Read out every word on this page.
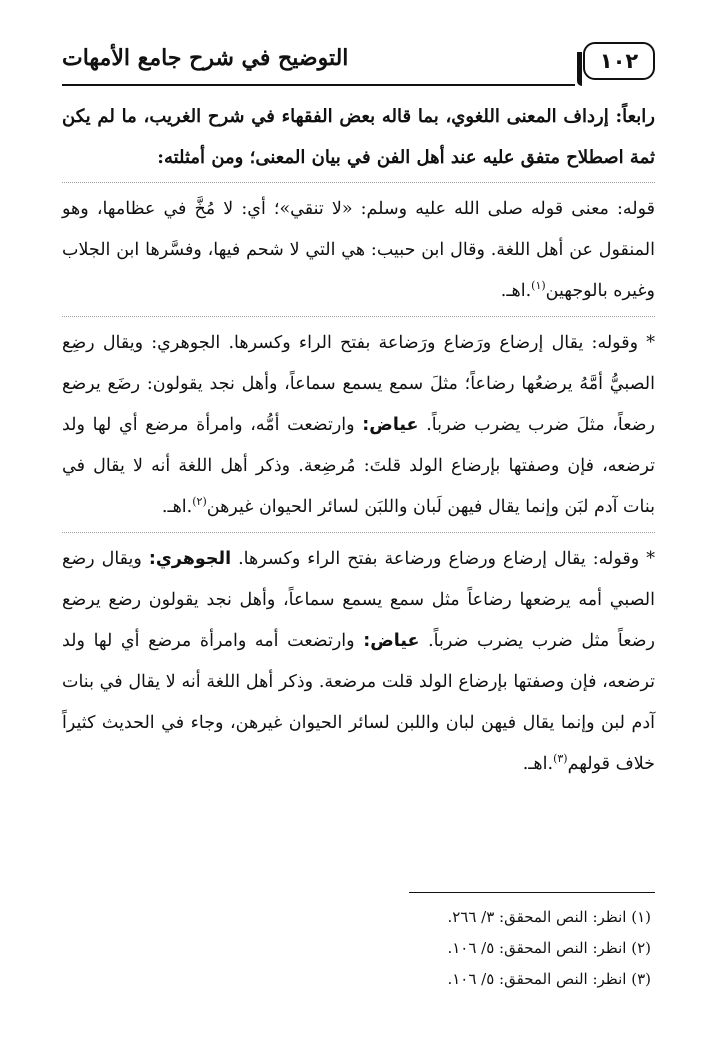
١٠٢
التوضيح في شرح جامع الأمهات

رابعاً: إرداف المعنى اللغوي، بما قاله بعض الفقهاء في شرح الغريب، ما لم يكن ثمة اصطلاح متفق عليه عند أهل الفن في بيان المعنى؛ ومن أمثلته:

قوله: معنى قوله صلى الله عليه وسلم: «لا تنقي»؛ أي: لا مُخَّ في عظامها، وهو المنقول عن أهل اللغة. وقال ابن حبيب: هي التي لا شحم فيها، وفسَّرها ابن الجلاب وغيره بالوجهين$^{(١)}$.اهـ.

* وقوله: يقال إرضاع ورَضاع ورَضاعة بفتح الراء وكسرها. الجوهري: ويقال رضِع الصبيُّ أمَّهُ يرضعُها رضاعاً؛ مثلَ سمع يسمع سماعاً، وأهل نجد يقولون: رضَع يرضع رضعاً، مثلَ ضرب يضرب ضرباً. عياض: وارتضعت أمُّه، وامرأة مرضع أي لها ولد ترضعه، فإن وصفتها بإرضاع الولد قلتَ: مُرضِعة. وذكر أهل اللغة أنه لا يقال في بنات آدم لبَن وإنما يقال فيهن لَبان واللبَن لسائر الحيوان غيرهن$^{(٢)}$.اهـ.

* وقوله: يقال إرضاع ورضاع ورضاعة بفتح الراء وكسرها. الجوهري: ويقال رضع الصبي أمه يرضعها رضاعاً مثل سمع يسمع سماعاً، وأهل نجد يقولون رضع يرضع رضعاً مثل ضرب يضرب ضرباً. عياض: وارتضعت أمه وامرأة مرضع أي لها ولد ترضعه، فإن وصفتها بإرضاع الولد قلت مرضعة. وذكر أهل اللغة أنه لا يقال في بنات آدم لبن وإنما يقال فيهن لبان واللبن لسائر الحيوان غيرهن، وجاء في الحديث كثيراً خلاف قولهم$^{(٣)}$.اهـ.

(١) انظر: النص المحقق: ٣/ ٢٦٦.

(٢) انظر: النص المحقق: ٥/ ١٠٦.

(٣) انظر: النص المحقق: ٥/ ١٠٦.
